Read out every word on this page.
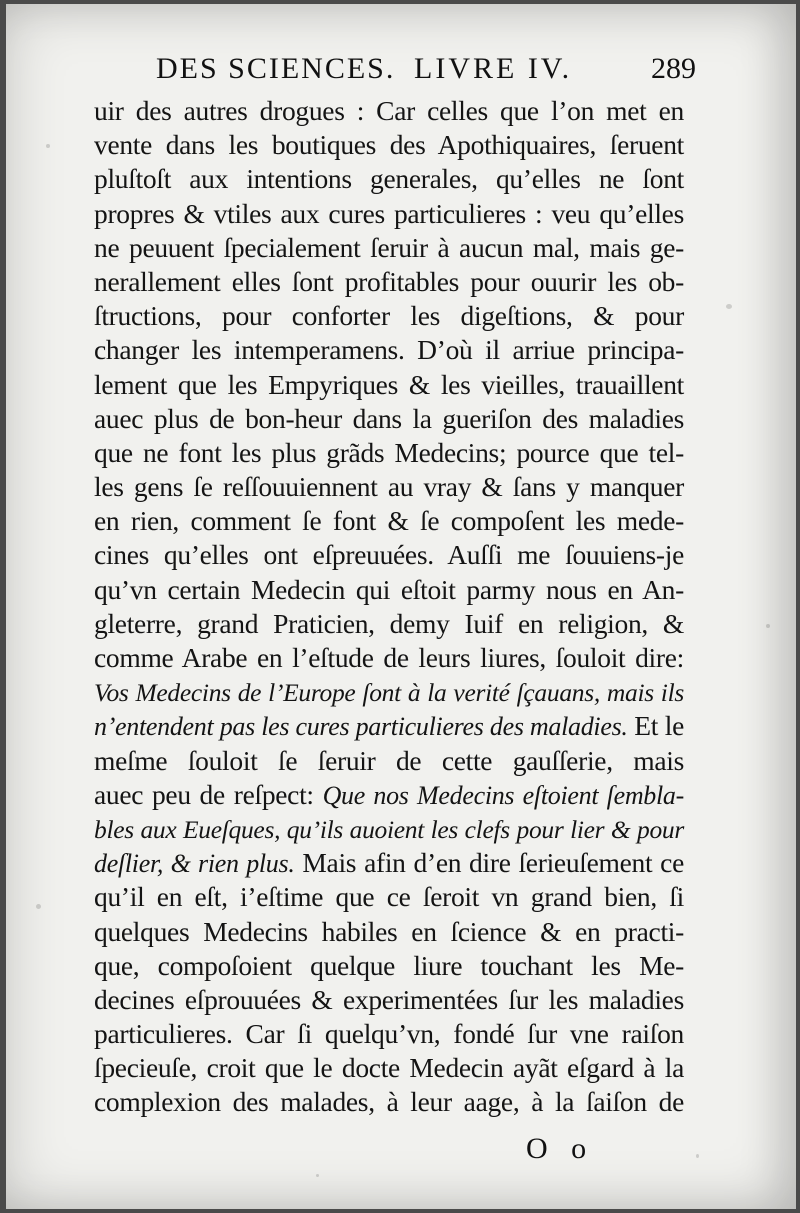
DES SCIENCES. LIVRE IV.	289
uir des autres drogues : Car celles que l’on met en
vente dans les boutiques des Apothiquaires, ſeruent
pluſtoſt aux intentions generales, qu’elles ne ſont
propres & vtiles aux cures particulieres : veu qu’elles
ne peuuent ſpecialement ſeruir à aucun mal, mais ge-
nerallement elles ſont profitables pour ouurir les ob-
ſtructions, pour conforter les digeſtions, & pour
changer les intemperamens. D’où il arriue principa-
lement que les Empyriques & les vieilles, trauaillent
auec plus de bon-heur dans la gueriſon des maladies
que ne font les plus grãds Medecins; pource que tel-
les gens ſe reſſouuiennent au vray & ſans y manquer
en rien, comment ſe font & ſe compoſent les mede-
cines qu’elles ont eſpreuuées. Auſſi me ſouuiens-je
qu’vn certain Medecin qui eſtoit parmy nous en An-
gleterre, grand Praticien, demy Iuif en religion, &
comme Arabe en l’eſtude de leurs liures, ſouloit dire:
Vos Medecins de l’Europe ſont à la verité ſçauans, mais ils
n’entendent pas les cures particulieres des maladies. Et le
meſme ſouloit ſe ſeruir de cette gauſſerie, mais
auec peu de reſpect: Que nos Medecins eſtoient ſembla-
bles aux Eueſques, qu’ils auoient les clefs pour lier & pour
deſlier, & rien plus. Mais afin d’en dire ſerieuſement ce
qu’il en eſt, i’eſtime que ce ſeroit vn grand bien, ſi
quelques Medecins habiles en ſcience & en practi-
que, compoſoient quelque liure touchant les Me-
decines eſprouuées & experimentées ſur les maladies
particulieres. Car ſi quelqu’vn, fondé ſur vne raiſon
ſpecieuſe, croit que le docte Medecin ayãt eſgard à la
complexion des malades, à leur aage, à la ſaiſon de
O o
